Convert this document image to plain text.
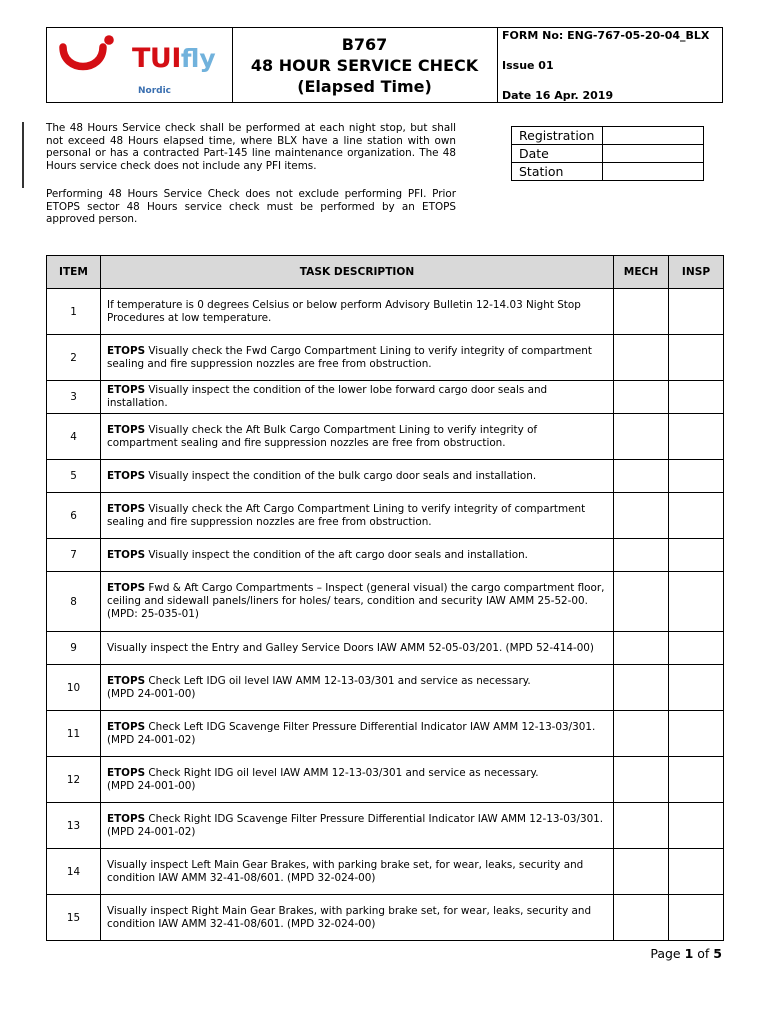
TUIfly
Nordic
B767
48 HOUR SERVICE CHECK
(Elapsed Time)
FORM No: ENG-767-05-20-04_BLX
Issue 01
Date 16 Apr. 2019
The 48 Hours Service check shall be performed at each night stop, but shall not exceed 48 Hours elapsed time, where BLX have a line station with own personal or has a contracted Part-145 line maintenance organization. The 48 Hours service check does not include any PFI items.
Performing 48 Hours Service Check does not exclude performing PFI. Prior ETOPS sector 48 Hours service check must be performed by an ETOPS approved person.
Registration	
Date	
Station	
ITEM	TASK DESCRIPTION	MECH	INSP
1	If temperature is 0 degrees Celsius or below perform Advisory Bulletin 12-14.03 Night Stop Procedures at low temperature.		
2	ETOPS Visually check the Fwd Cargo Compartment Lining to verify integrity of compartment sealing and fire suppression nozzles are free from obstruction.		
3	ETOPS Visually inspect the condition of the lower lobe forward cargo door seals and installation.		
4	ETOPS Visually check the Aft Bulk Cargo Compartment Lining to verify integrity of compartment sealing and fire suppression nozzles are free from obstruction.		
5	ETOPS Visually inspect the condition of the bulk cargo door seals and installation.		
6	ETOPS Visually check the Aft Cargo Compartment Lining to verify integrity of compartment sealing and fire suppression nozzles are free from obstruction.		
7	ETOPS Visually inspect the condition of the aft cargo door seals and installation.		
8	ETOPS Fwd & Aft Cargo Compartments – Inspect (general visual) the cargo compartment floor, ceiling and sidewall panels/liners for holes/ tears, condition and security IAW AMM 25-52-00. (MPD: 25-035-01)		
9	Visually inspect the Entry and Galley Service Doors IAW AMM 52-05-03/201. (MPD 52-414-00)		
10	ETOPS Check Left IDG oil level IAW AMM 12-13-03/301 and service as necessary.
(MPD 24-001-00)		
11	ETOPS Check Left IDG Scavenge Filter Pressure Differential Indicator IAW AMM 12-13-03/301.
(MPD 24-001-02)		
12	ETOPS Check Right IDG oil level IAW AMM 12-13-03/301 and service as necessary.
(MPD 24-001-00)		
13	ETOPS Check Right IDG Scavenge Filter Pressure Differential Indicator IAW AMM 12-13-03/301.
(MPD 24-001-02)		
14	Visually inspect Left Main Gear Brakes, with parking brake set, for wear, leaks, security and condition IAW AMM 32-41-08/601. (MPD 32-024-00)		
15	Visually inspect Right Main Gear Brakes, with parking brake set, for wear, leaks, security and condition IAW AMM 32-41-08/601. (MPD 32-024-00)		
Page 1 of 5
